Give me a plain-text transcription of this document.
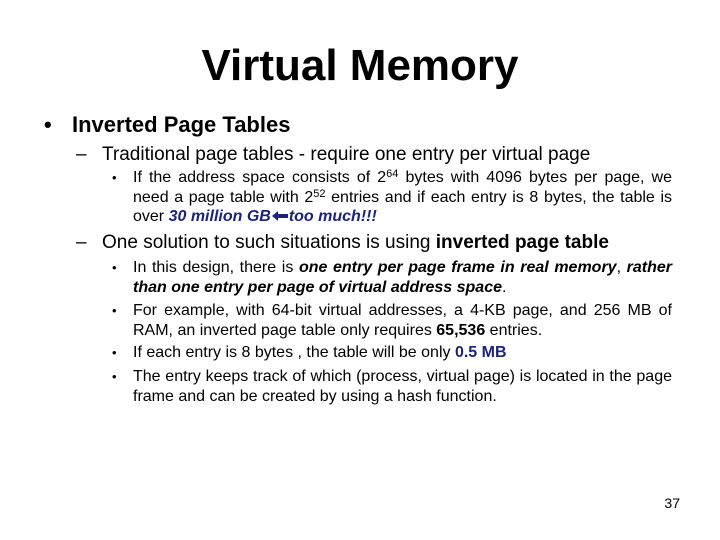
Virtual Memory
• Inverted Page Tables
– Traditional page tables - require one entry per virtual page
•	If the address space consists of $2^{64}$ bytes with 4096 bytes per page, we need a page table with $2^{52}$ entries and if each entry is 8 bytes, the table is over 30 million GB too much!!!
– One solution to such situations is using inverted page table
•	In this design, there is one entry per page frame in real memory, rather than one entry per page of virtual address space.
•	For example, with 64-bit virtual addresses, a 4-KB page, and 256 MB of RAM, an inverted page table only requires 65,536 entries.
•	If each entry is 8 bytes , the table will be only 0.5 MB
•	The entry keeps track of which (process, virtual page) is located in the page frame and can be created by using a hash function.
37
